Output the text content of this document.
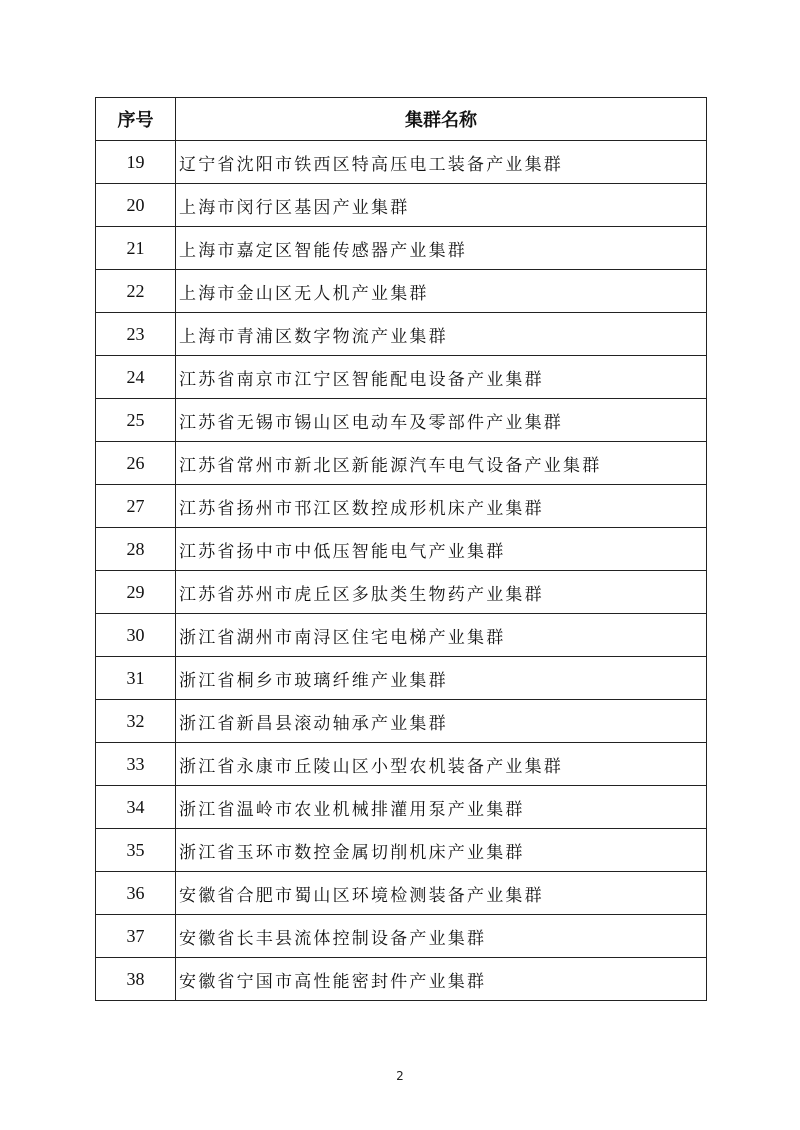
序号	集群名称
19	辽宁省沈阳市铁西区特高压电工装备产业集群
20	上海市闵行区基因产业集群
21	上海市嘉定区智能传感器产业集群
22	上海市金山区无人机产业集群
23	上海市青浦区数字物流产业集群
24	江苏省南京市江宁区智能配电设备产业集群
25	江苏省无锡市锡山区电动车及零部件产业集群
26	江苏省常州市新北区新能源汽车电气设备产业集群
27	江苏省扬州市邗江区数控成形机床产业集群
28	江苏省扬中市中低压智能电气产业集群
29	江苏省苏州市虎丘区多肽类生物药产业集群
30	浙江省湖州市南浔区住宅电梯产业集群
31	浙江省桐乡市玻璃纤维产业集群
32	浙江省新昌县滚动轴承产业集群
33	浙江省永康市丘陵山区小型农机装备产业集群
34	浙江省温岭市农业机械排灌用泵产业集群
35	浙江省玉环市数控金属切削机床产业集群
36	安徽省合肥市蜀山区环境检测装备产业集群
37	安徽省长丰县流体控制设备产业集群
38	安徽省宁国市高性能密封件产业集群
2
